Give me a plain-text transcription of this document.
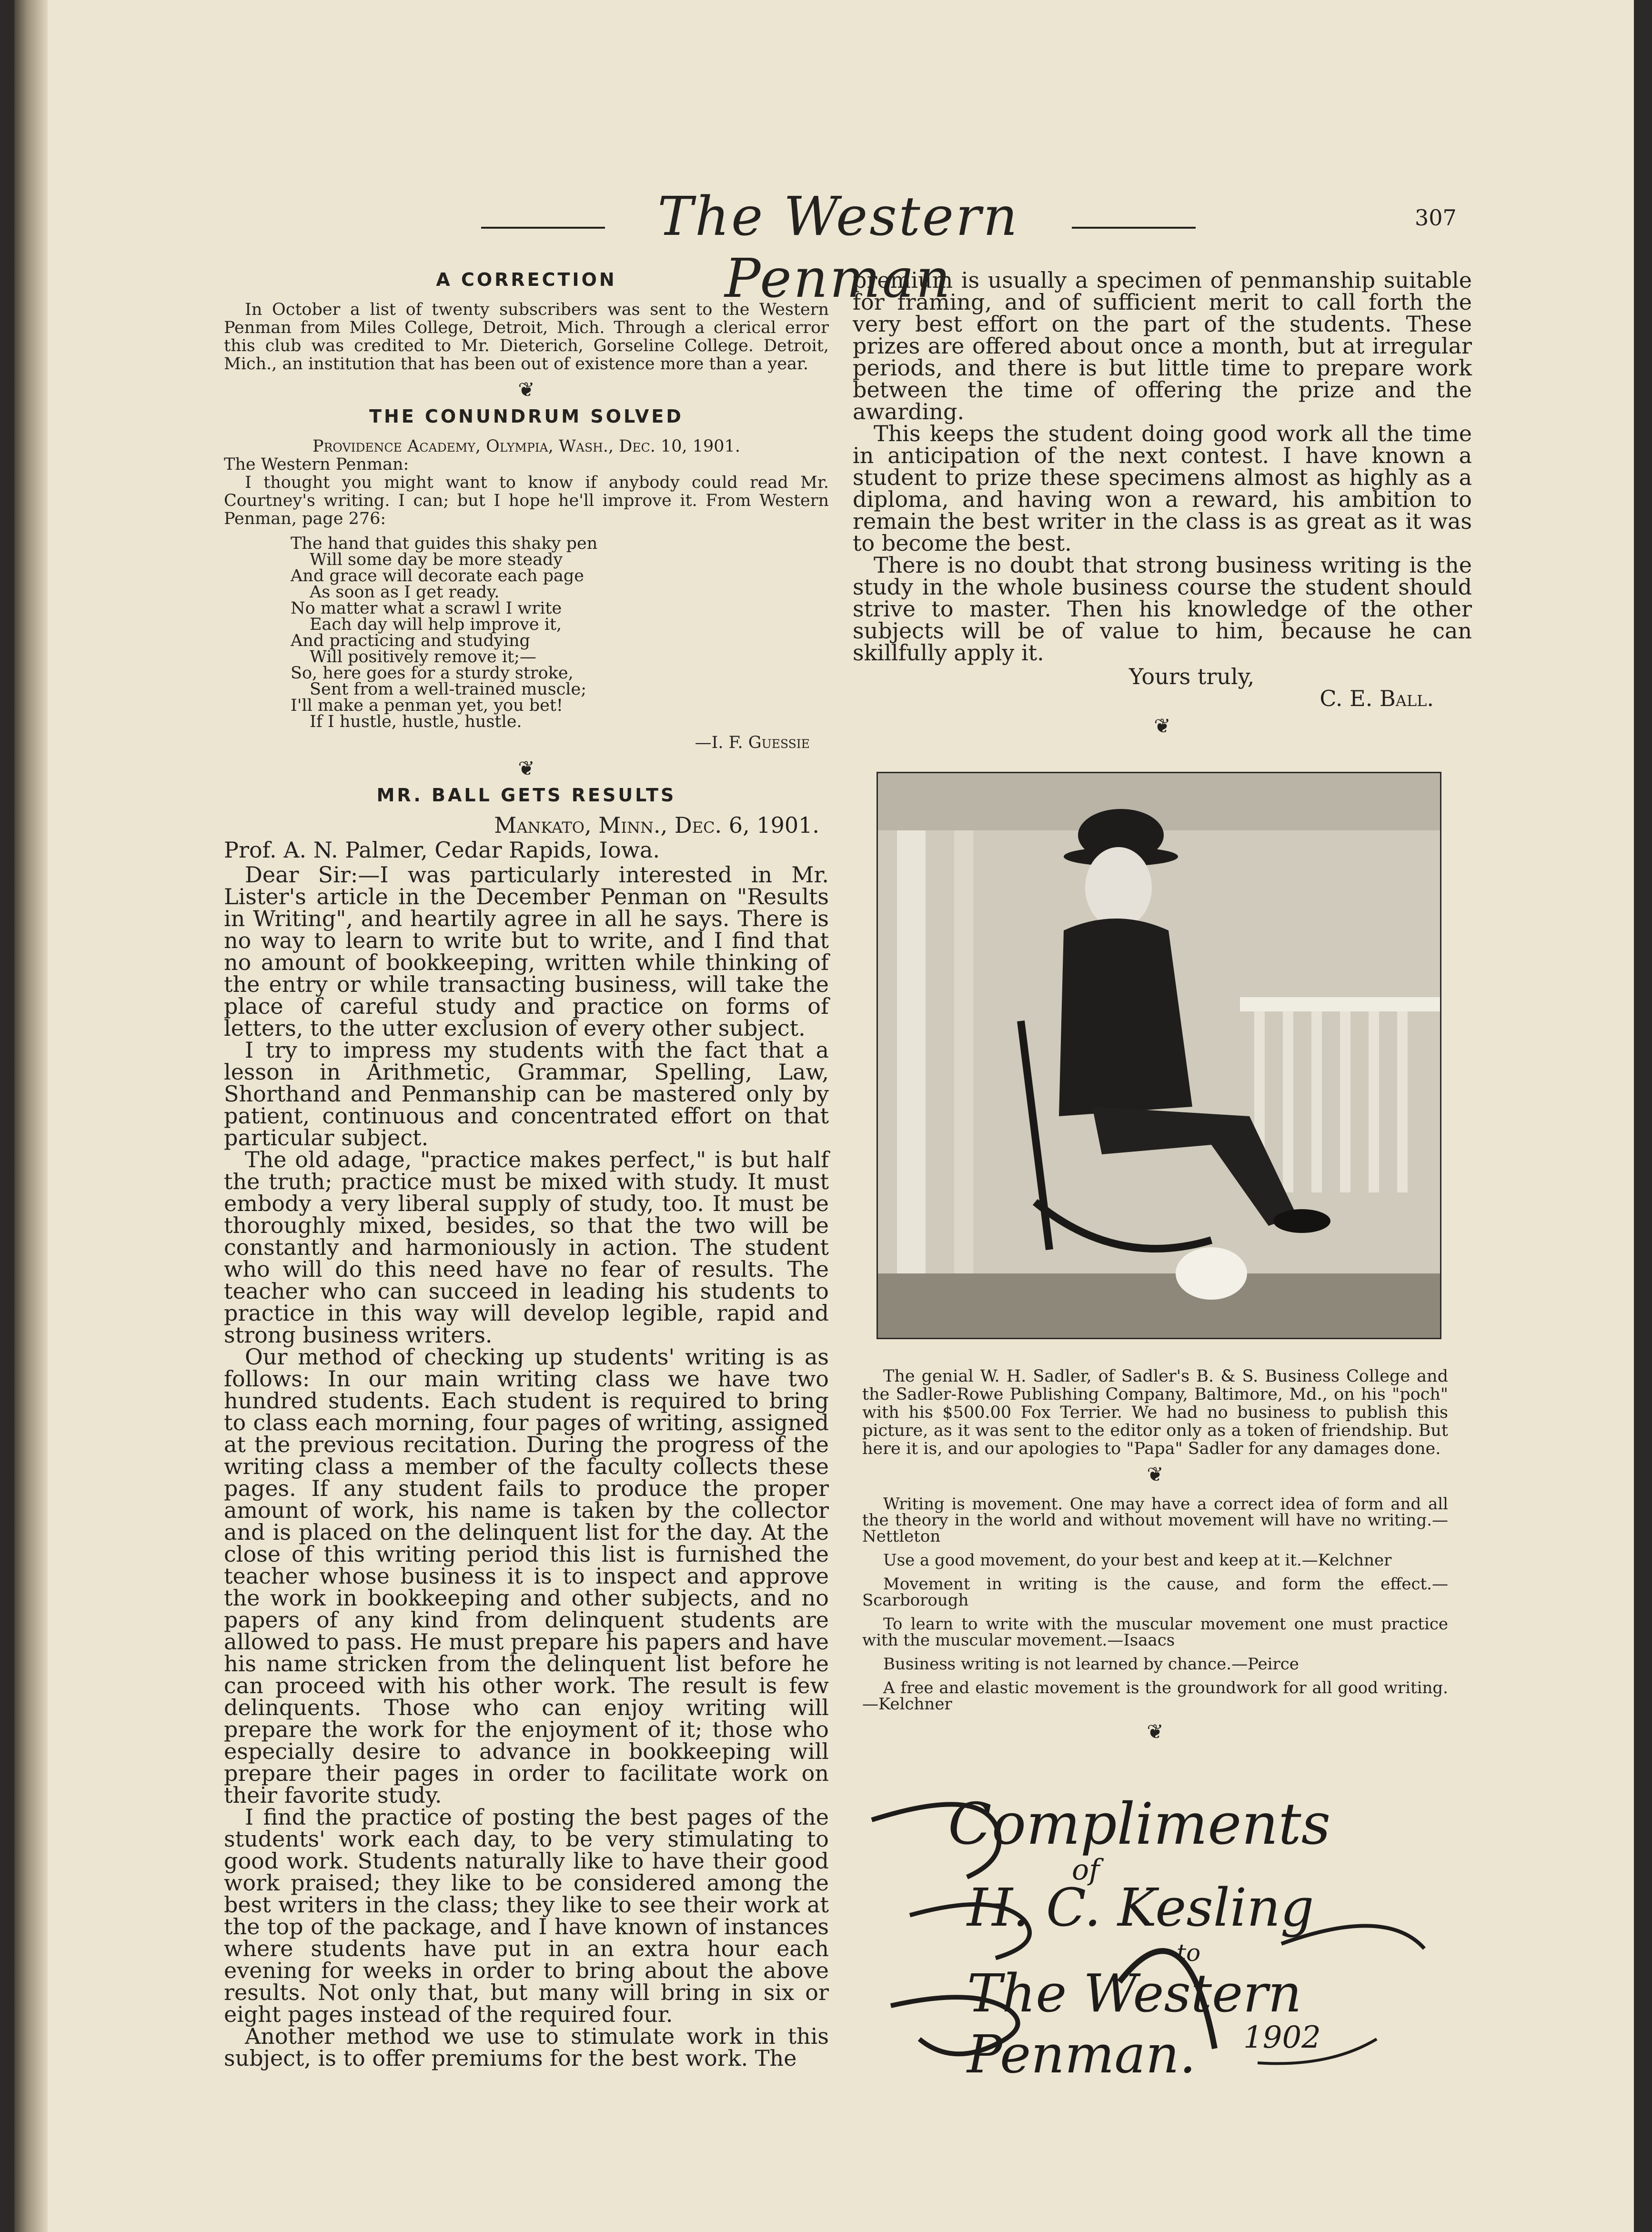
The Western Penman
307
A CORRECTION

In October a list of twenty subscribers was sent to the Western Penman from Miles College, Detroit, Mich. Through a clerical error this club was credited to Mr. Dieterich, Gorseline College. Detroit, Mich., an institution that has been out of existence more than a year.

❦
THE CONUNDRUM SOLVED

Providence Academy, Olympia, Wash., Dec. 10, 1901.

The Western Penman:

I thought you might want to know if anybody could read Mr. Courtney's writing. I can; but I hope he'll improve it. From Western Penman, page 276:

The hand that guides this shaky pen
Will some day be more steady
And grace will decorate each page
As soon as I get ready.
No matter what a scrawl I write
Each day will help improve it,
And practicing and studying
Will positively remove it;—
So, here goes for a sturdy stroke,
Sent from a well-trained muscle;
I'll make a penman yet, you bet!
If I hustle, hustle, hustle.

—I. F. Guessie

❦
MR. BALL GETS RESULTS

Mankato, Minn., Dec. 6, 1901.

Prof. A. N. Palmer, Cedar Rapids, Iowa.

Dear Sir:—I was particularly interested in Mr. Lister's article in the December Penman on "Results in Writing", and heartily agree in all he says. There is no way to learn to write but to write, and I find that no amount of bookkeeping, written while thinking of the entry or while transacting business, will take the place of careful study and practice on forms of letters, to the utter exclusion of every other subject.

I try to impress my students with the fact that a lesson in Arithmetic, Grammar, Spelling, Law, Shorthand and Penmanship can be mastered only by patient, continuous and concentrated effort on that particular subject.

The old adage, "practice makes perfect," is but half the truth; practice must be mixed with study. It must embody a very liberal supply of study, too. It must be thoroughly mixed, besides, so that the two will be constantly and harmoniously in action. The student who will do this need have no fear of results. The teacher who can succeed in leading his students to practice in this way will develop legible, rapid and strong business writers.

Our method of checking up students' writing is as follows: In our main writing class we have two hundred students. Each student is required to bring to class each morning, four pages of writing, assigned at the previous recitation. During the progress of the writing class a member of the faculty collects these pages. If any student fails to produce the proper amount of work, his name is taken by the collector and is placed on the delinquent list for the day. At the close of this writing period this list is furnished the teacher whose business it is to inspect and approve the work in bookkeeping and other subjects, and no papers of any kind from delinquent students are allowed to pass. He must prepare his papers and have his name stricken from the delinquent list before he can proceed with his other work. The result is few delinquents. Those who can enjoy writing will prepare the work for the enjoyment of it; those who especially desire to advance in bookkeeping will prepare their pages in order to facilitate work on their favorite study.

I find the practice of posting the best pages of the students' work each day, to be very stimulating to good work. Students naturally like to have their good work praised; they like to be considered among the best writers in the class; they like to see their work at the top of the package, and I have known of instances where students have put in an extra hour each evening for weeks in order to bring about the above results. Not only that, but many will bring in six or eight pages instead of the required four.

Another method we use to stimulate work in this subject, is to offer premiums for the best work. The

premium is usually a specimen of penmanship suitable for framing, and of sufficient merit to call forth the very best effort on the part of the students. These prizes are offered about once a month, but at irregular periods, and there is but little time to prepare work between the time of offering the prize and the awarding.

This keeps the student doing good work all the time in anticipation of the next contest. I have known a student to prize these specimens almost as highly as a diploma, and having won a reward, his ambition to remain the best writer in the class is as great as it was to become the best.

There is no doubt that strong business writing is the study in the whole business course the student should strive to master. Then his knowledge of the other subjects will be of value to him, because he can skillfully apply it.

Yours truly,

C. E. Ball.

❦

The genial W. H. Sadler, of Sadler's B. & S. Business College and the Sadler-Rowe Publishing Company, Baltimore, Md., on his "poch" with his $500.00 Fox Terrier. We had no business to publish this picture, as it was sent to the editor only as a token of friendship. But here it is, and our apologies to "Papa" Sadler for any damages done.

❦

Writing is movement. One may have a correct idea of form and all the theory in the world and without movement will have no writing.—Nettleton

Use a good movement, do your best and keep at it.—Kelchner

Movement in writing is the cause, and form the effect.—Scarborough

To learn to write with the muscular movement one must practice with the muscular movement.—Isaacs

Business writing is not learned by chance.—Peirce

A free and elastic movement is the groundwork for all good writing.—Kelchner

❦
Compliments
of
H. C. Kesling
to
The Western Penman.	1902
